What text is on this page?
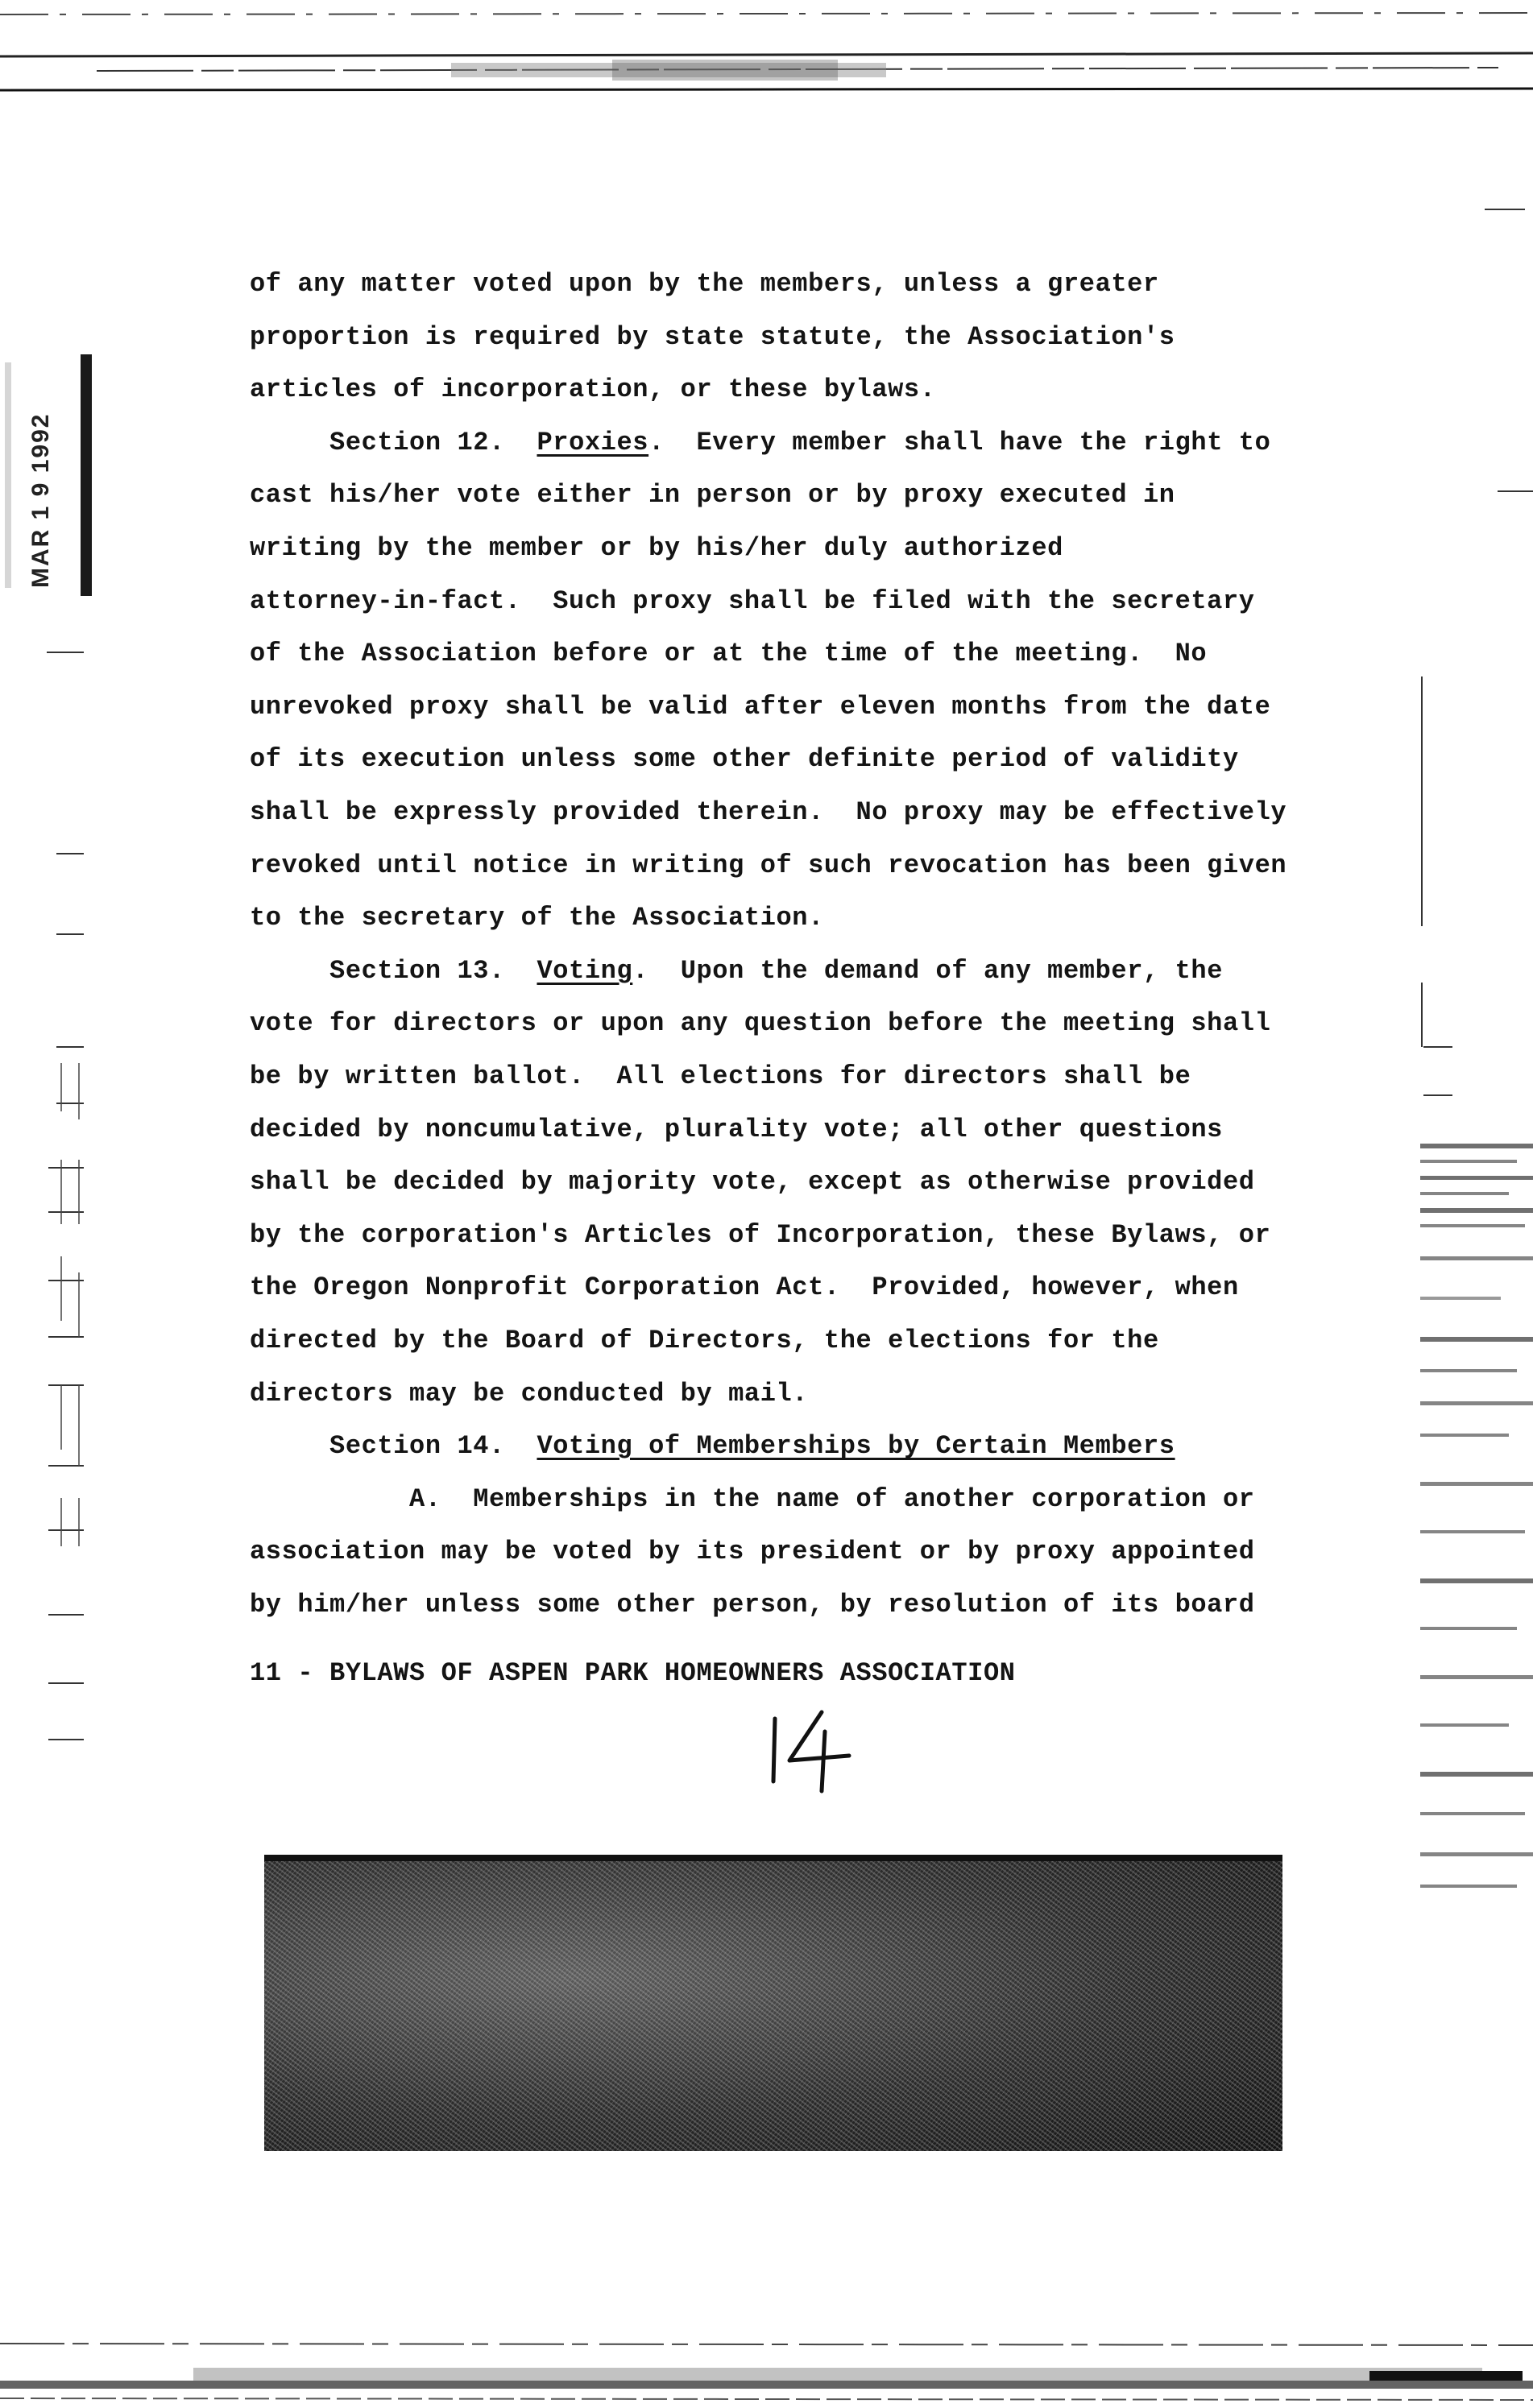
MAR 1 9 1992
of any matter voted upon by the members, unless a greater
proportion is required by state statute, the Association's
articles of incorporation, or these bylaws.
Section 12.  Proxies.  Every member shall have the right to
cast his/her vote either in person or by proxy executed in
writing by the member or by his/her duly authorized
attorney-in-fact.  Such proxy shall be filed with the secretary
of the Association before or at the time of the meeting.  No
unrevoked proxy shall be valid after eleven months from the date
of its execution unless some other definite period of validity
shall be expressly provided therein.  No proxy may be effectively
revoked until notice in writing of such revocation has been given
to the secretary of the Association.
Section 13.  Voting.  Upon the demand of any member, the
vote for directors or upon any question before the meeting shall
be by written ballot.  All elections for directors shall be
decided by noncumulative, plurality vote; all other questions
shall be decided by majority vote, except as otherwise provided
by the corporation's Articles of Incorporation, these Bylaws, or
the Oregon Nonprofit Corporation Act.  Provided, however, when
directed by the Board of Directors, the elections for the
directors may be conducted by mail.
Section 14.  Voting of Memberships by Certain Members
A.  Memberships in the name of another corporation or
association may be voted by its president or by proxy appointed
by him/her unless some other person, by resolution of its board
11 - BYLAWS OF ASPEN PARK HOMEOWNERS ASSOCIATION
